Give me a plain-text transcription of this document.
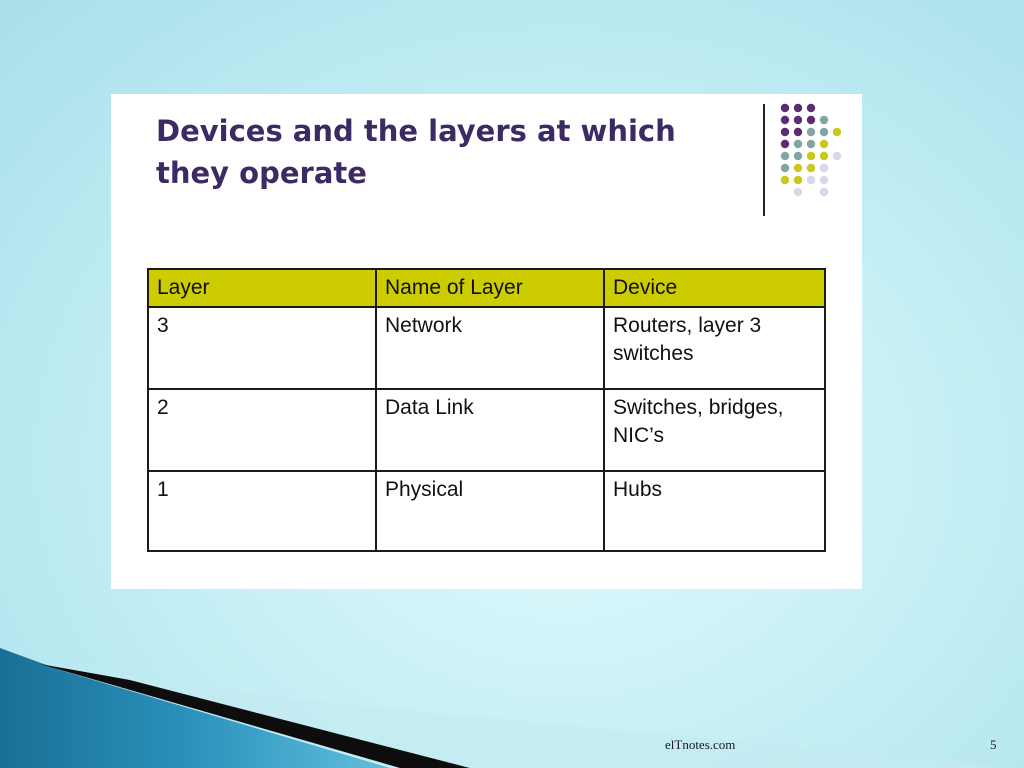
Devices and the layers at which they operate
Layer	Name of Layer	Device
3	Network	Routers, layer 3 switches
2	Data Link	Switches, bridges, NIC’s
1	Physical	Hubs
elTnotes.com	5
